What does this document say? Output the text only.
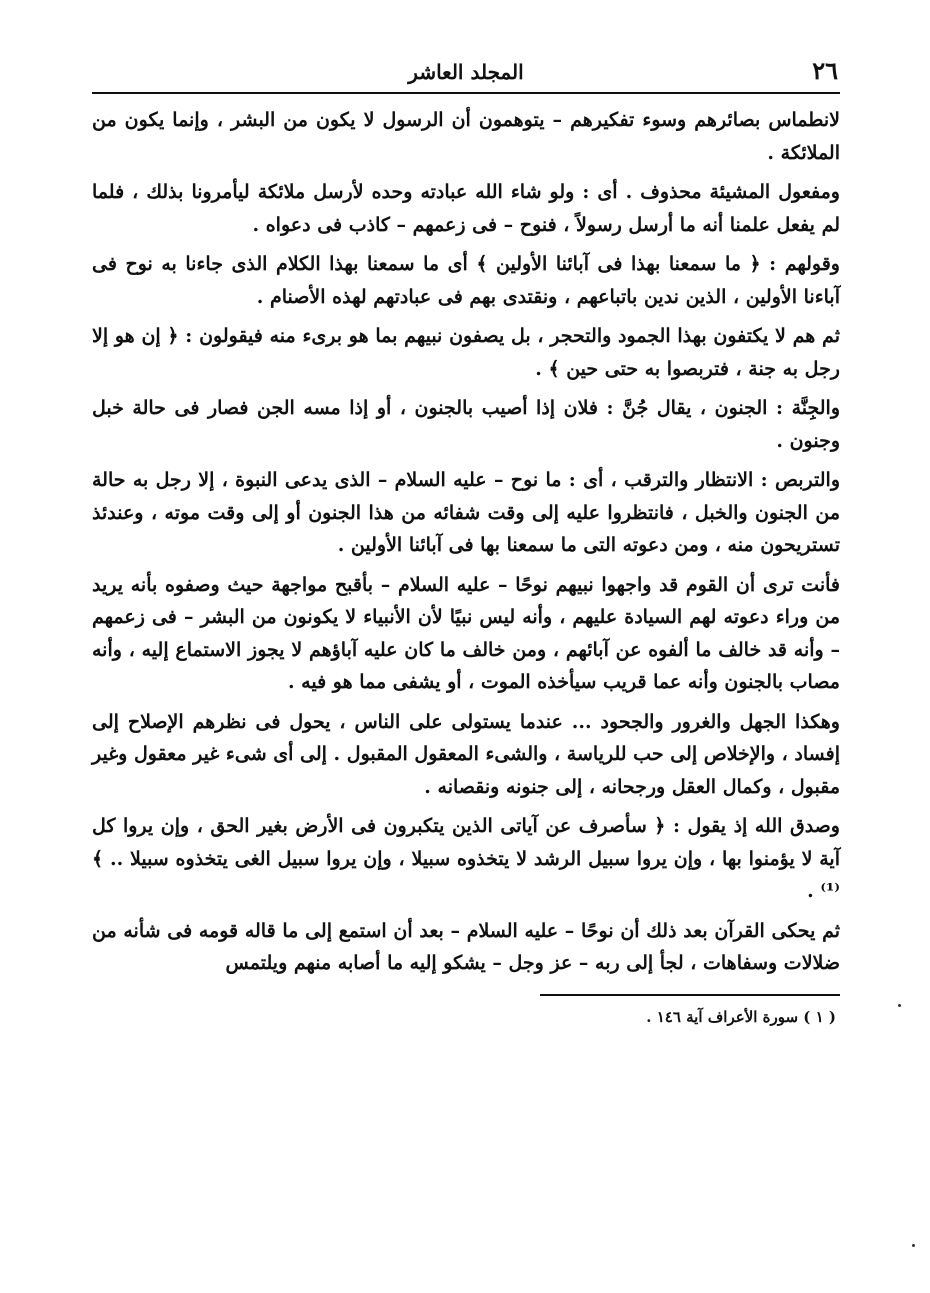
٢٦
المجلد العاشر

لانطماس بصائرهم وسوء تفكيرهم – يتوهمون أن الرسول لا يكون من البشر ، وإنما يكون من الملائكة .

ومفعول المشيئة محذوف . أى : ولو شاء الله عبادته وحده لأرسل ملائكة ليأمرونا بذلك ، فلما لم يفعل علمنا أنه ما أرسل رسولاً ، فنوح – فى زعمهم – كاذب فى دعواه .

وقولهم : ﴿ ما سمعنا بهذا فى آبائنا الأولين ﴾ أى ما سمعنا بهذا الكلام الذى جاءنا به نوح فى آباءنا الأولين ، الذين ندين باتباعهم ، ونقتدى بهم فى عبادتهم لهذه الأصنام .

ثم هم لا يكتفون بهذا الجمود والتحجر ، بل يصفون نبيهم بما هو برىء منه فيقولون : ﴿ إن هو إلا رجل به جنة ، فتربصوا به حتى حين ﴾ .

والجِنَّة : الجنون ، يقال جُنَّ : فلان إذا أصيب بالجنون ، أو إذا مسه الجن فصار فى حالة خبل وجنون .

والتربص : الانتظار والترقب ، أى : ما نوح – عليه السلام – الذى يدعى النبوة ، إلا رجل به حالة من الجنون والخبل ، فانتظروا عليه إلى وقت شفائه من هذا الجنون أو إلى وقت موته ، وعندئذ تستريحون منه ، ومن دعوته التى ما سمعنا بها فى آبائنا الأولين .

فأنت ترى أن القوم قد واجهوا نبيهم نوحًا – عليه السلام – بأقبح مواجهة حيث وصفوه بأنه يريد من وراء دعوته لهم السيادة عليهم ، وأنه ليس نبيًا لأن الأنبياء لا يكونون من البشر – فى زعمهم – وأنه قد خالف ما ألفوه عن آبائهم ، ومن خالف ما كان عليه آباؤهم لا يجوز الاستماع إليه ، وأنه مصاب بالجنون وأنه عما قريب سيأخذه الموت ، أو يشفى مما هو فيه .

وهكذا الجهل والغرور والجحود ... عندما يستولى على الناس ، يحول فى نظرهم الإصلاح إلى إفساد ، والإخلاص إلى حب للرياسة ، والشىء المعقول المقبول . إلى أى شىء غير معقول وغير مقبول ، وكمال العقل ورجحانه ، إلى جنونه ونقصانه .

وصدق الله إذ يقول : ﴿ سأصرف عن آياتى الذين يتكبرون فى الأرض بغير الحق ، وإن يروا كل آية لا يؤمنوا بها ، وإن يروا سبيل الرشد لا يتخذوه سبيلا ، وإن يروا سبيل الغى يتخذوه سبيلا .. ﴾⁽¹⁾ .

ثم يحكى القرآن بعد ذلك أن نوحًا – عليه السلام – بعد أن استمع إلى ما قاله قومه فى شأنه من ضلالات وسفاهات ، لجأ إلى ربه – عز وجل – يشكو إليه ما أصابه منهم ويلتمس

( ١ ) سورة الأعراف آية ١٤٦ .
